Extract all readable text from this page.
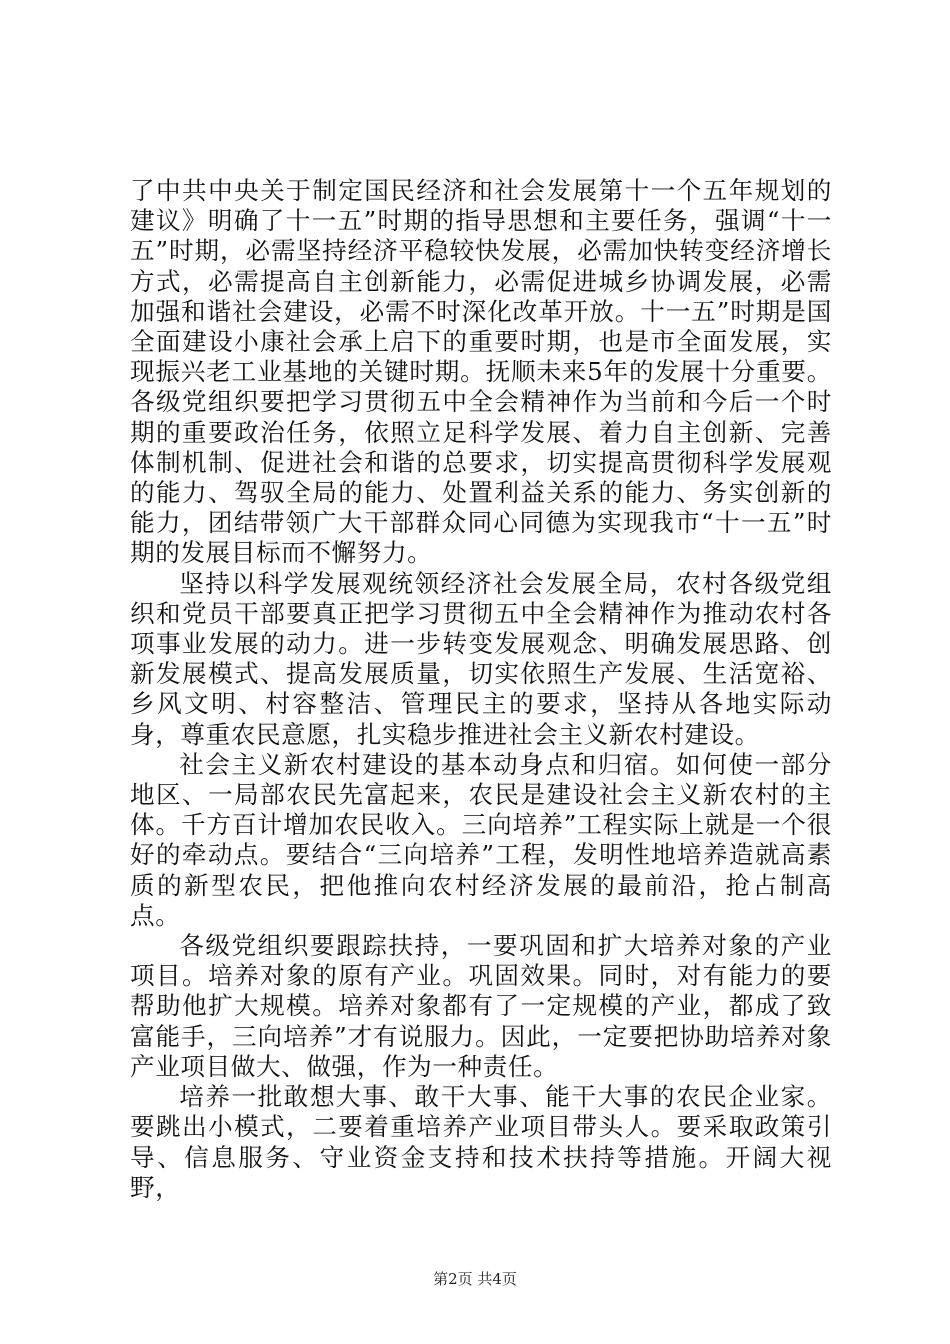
了中共中央关于制定国民经济和社会发展第十一个五年规划的建议》明确了十一五”时期的指导思想和主要任务，强调“十一五”时期，必需坚持经济平稳较快发展，必需加快转变经济增长方式，必需提高自主创新能力，必需促进城乡协调发展，必需加强和谐社会建设，必需不时深化改革开放。十一五”时期是国全面建设小康社会承上启下的重要时期，也是市全面发展，实现振兴老工业基地的关键时期。抚顺未来5年的发展十分重要。各级党组织要把学习贯彻五中全会精神作为当前和今后一个时期的重要政治任务，依照立足科学发展、着力自主创新、完善体制机制、促进社会和谐的总要求，切实提高贯彻科学发展观的能力、驾驭全局的能力、处置利益关系的能力、务实创新的能力，团结带领广大干部群众同心同德为实现我市“十一五”时期的发展目标而不懈努力。

坚持以科学发展观统领经济社会发展全局，农村各级党组织和党员干部要真正把学习贯彻五中全会精神作为推动农村各项事业发展的动力。进一步转变发展观念、明确发展思路、创新发展模式、提高发展质量，切实依照生产发展、生活宽裕、乡风文明、村容整洁、管理民主的要求，坚持从各地实际动身，尊重农民意愿，扎实稳步推进社会主义新农村建设。

社会主义新农村建设的基本动身点和归宿。如何使一部分地区、一局部农民先富起来，农民是建设社会主义新农村的主体。千方百计增加农民收入。三向培养”工程实际上就是一个很好的牵动点。要结合“三向培养”工程，发明性地培养造就高素质的新型农民，把他推向农村经济发展的最前沿，抢占制高点。

各级党组织要跟踪扶持，一要巩固和扩大培养对象的产业项目。培养对象的原有产业。巩固效果。同时，对有能力的要帮助他扩大规模。培养对象都有了一定规模的产业，都成了致富能手，三向培养”才有说服力。因此，一定要把协助培养对象产业项目做大、做强，作为一种责任。

培养一批敢想大事、敢干大事、能干大事的农民企业家。要跳出小模式，二要着重培养产业项目带头人。要采取政策引导、信息服务、守业资金支持和技术扶持等措施。开阔大视野，

第2页 共4页
